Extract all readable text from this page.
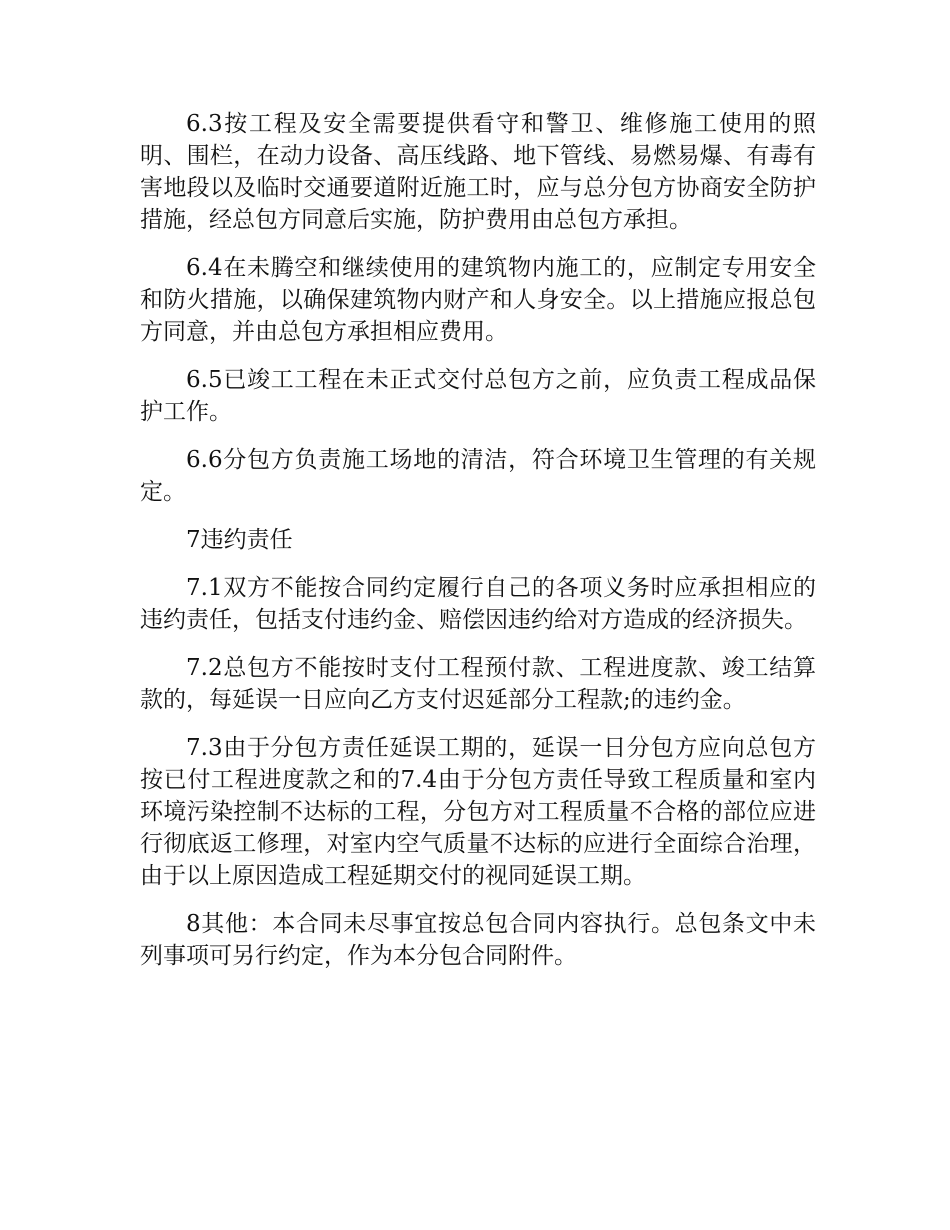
6.3按工程及安全需要提供看守和警卫、维修施工使用的照明、围栏，在动力设备、高压线路、地下管线、易燃易爆、有毒有害地段以及临时交通要道附近施工时，应与总分包方协商安全防护措施，经总包方同意后实施，防护费用由总包方承担。

6.4在未腾空和继续使用的建筑物内施工的，应制定专用安全和防火措施，以确保建筑物内财产和人身安全。以上措施应报总包方同意，并由总包方承担相应费用。

6.5已竣工工程在未正式交付总包方之前，应负责工程成品保护工作。

6.6分包方负责施工场地的清洁，符合环境卫生管理的有关规定。

7违约责任

7.1双方不能按合同约定履行自己的各项义务时应承担相应的违约责任，包括支付违约金、赔偿因违约给对方造成的经济损失。

7.2总包方不能按时支付工程预付款、工程进度款、竣工结算款的，每延误一日应向乙方支付迟延部分工程款;的违约金。

7.3由于分包方责任延误工期的，延误一日分包方应向总包方按已付工程进度款之和的7.4由于分包方责任导致工程质量和室内环境污染控制不达标的工程，分包方对工程质量不合格的部位应进行彻底返工修理，对室内空气质量不达标的应进行全面综合治理，由于以上原因造成工程延期交付的视同延误工期。

8其他：本合同未尽事宜按总包合同内容执行。总包条文中未列事项可另行约定，作为本分包合同附件。
